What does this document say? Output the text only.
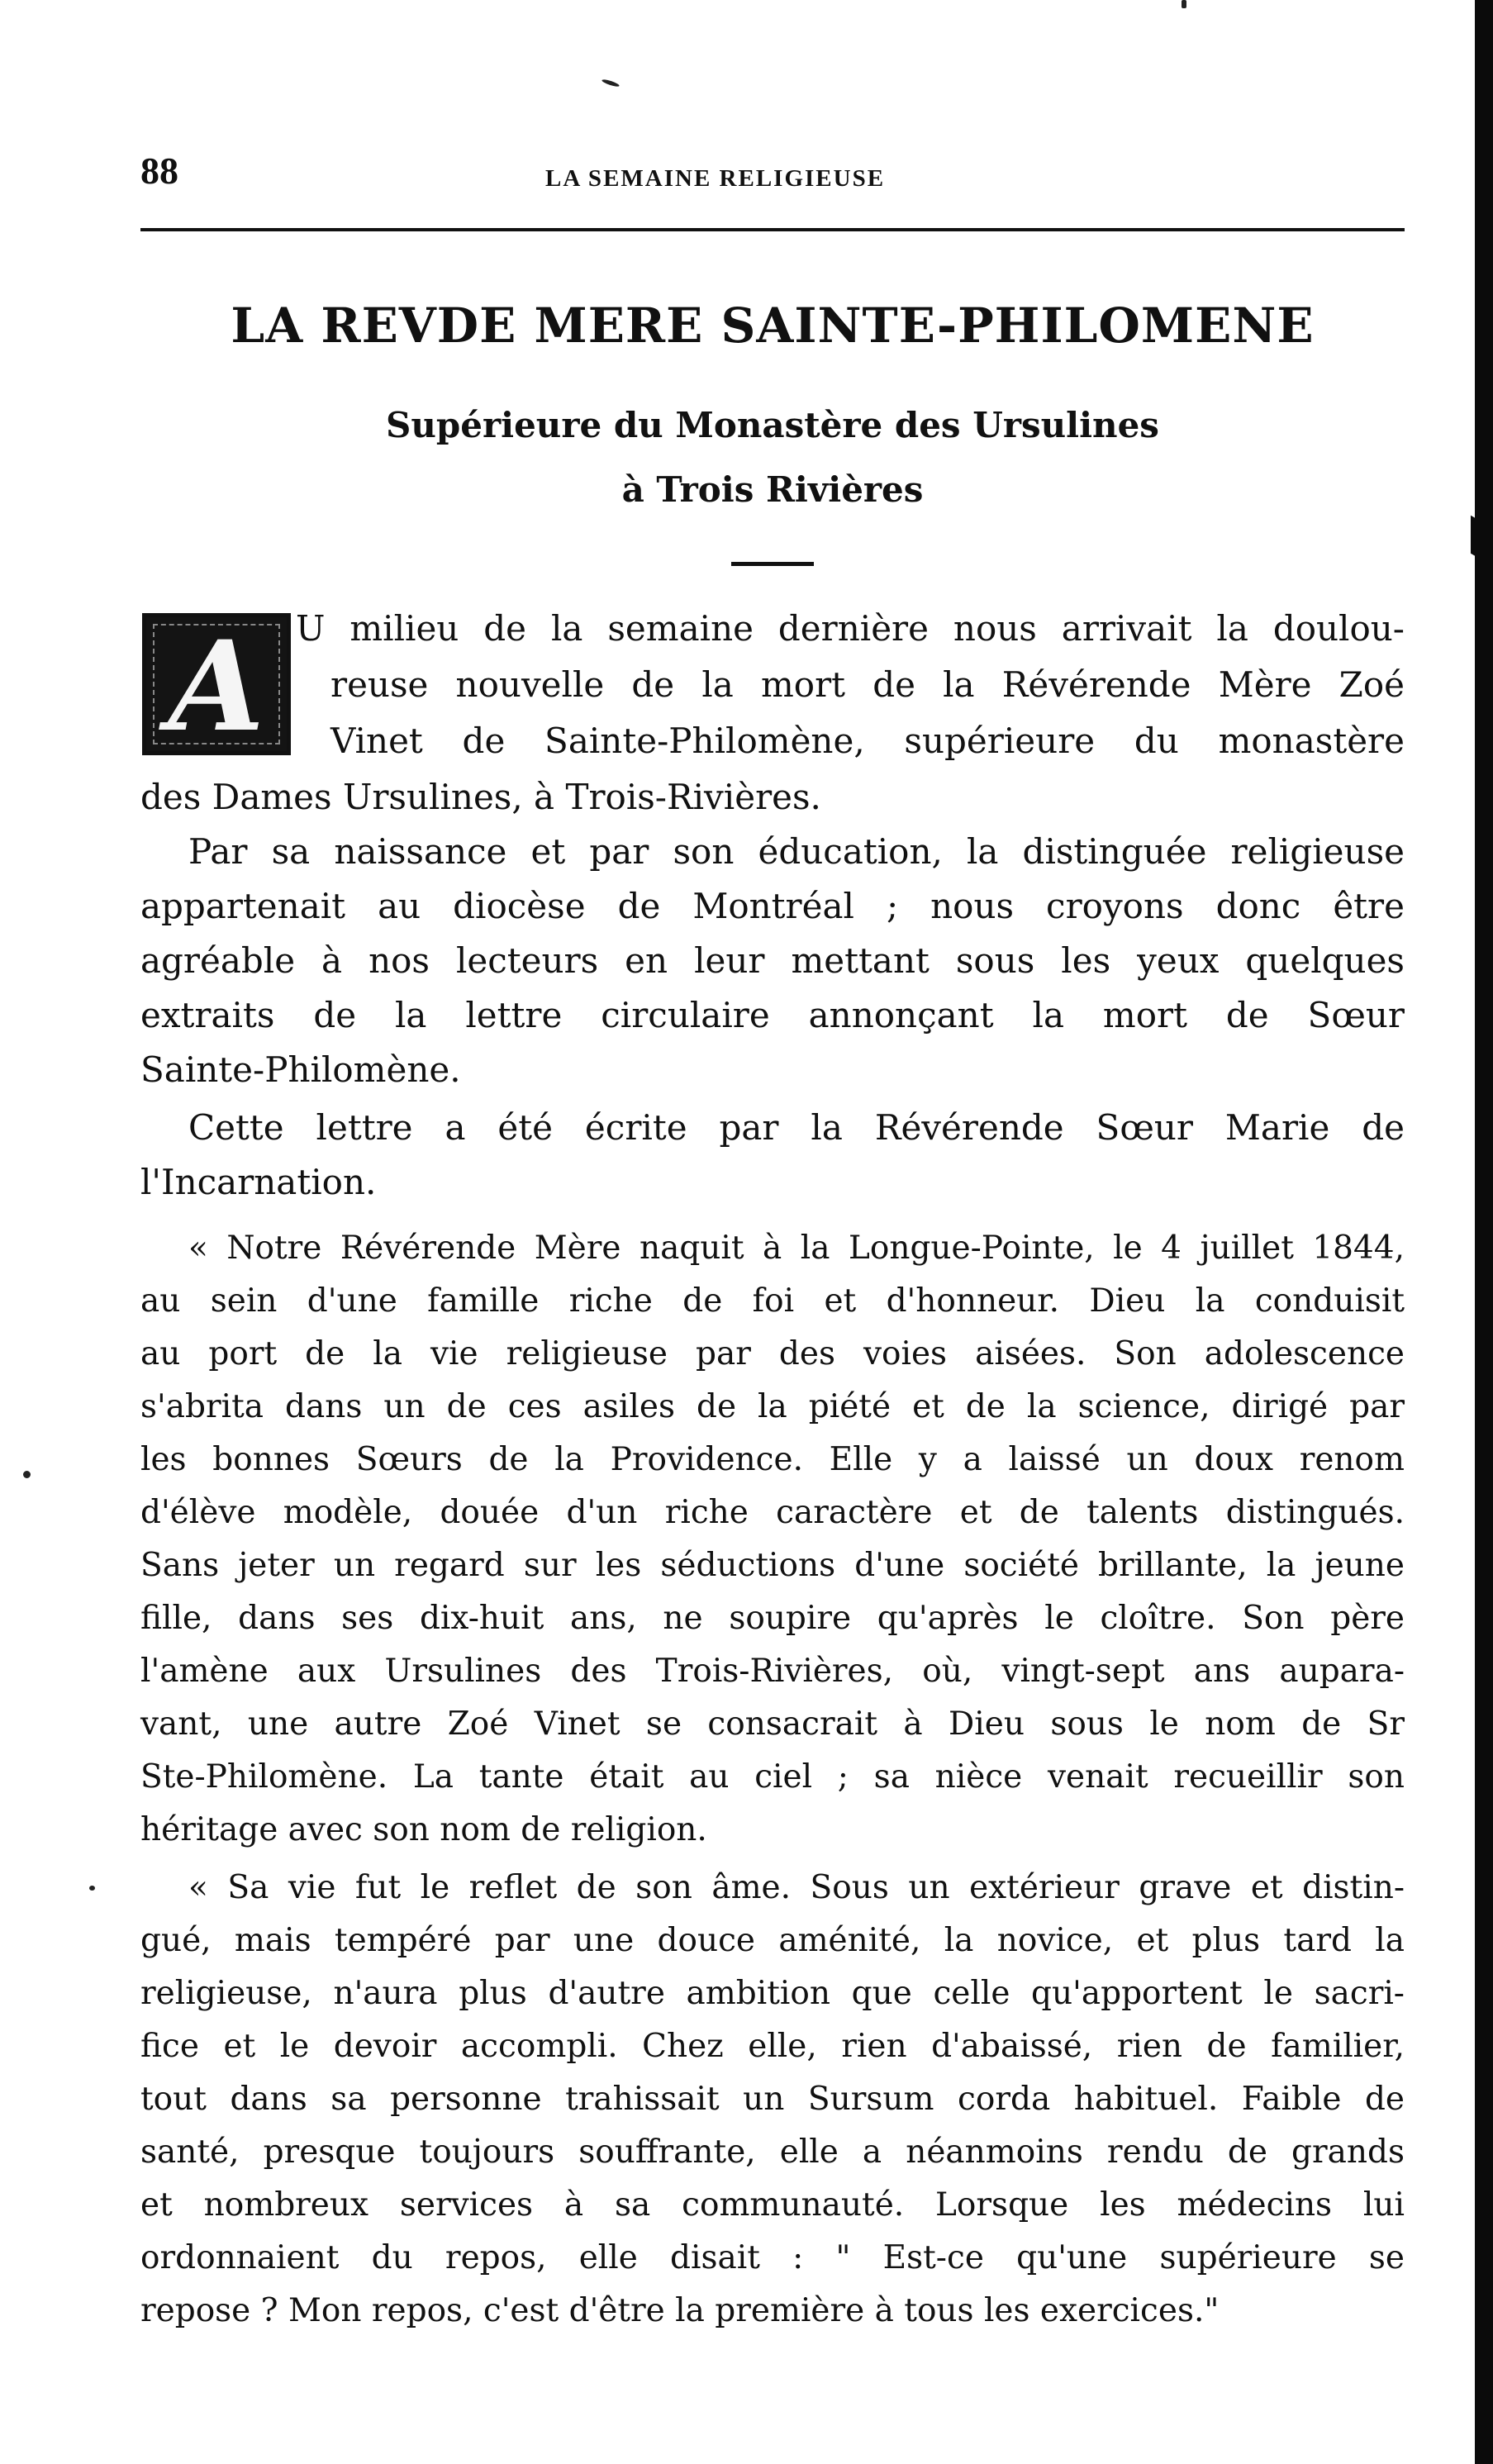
88	LA SEMAINE RELIGIEUSE
LA REVDE MERE SAINTE-PHILOMENE
Supérieure du Monastère des Ursulines
à Trois Rivières
A U milieu de la semaine dernière nous arrivait la doulou-
reuse nouvelle de la mort de la Révérende Mère Zoé
Vinet de Sainte-Philomène, supérieure du monastère
des Dames Ursulines, à Trois-Rivières.
Par sa naissance et par son éducation, la distinguée religieuse
appartenait au diocèse de Montréal ; nous croyons donc être
agréable à nos lecteurs en leur mettant sous les yeux quelques
extraits de la lettre circulaire annonçant la mort de Sœur
Sainte-Philomène.
Cette lettre a été écrite par la Révérende Sœur Marie de
l'Incarnation.
« Notre Révérende Mère naquit à la Longue-Pointe, le 4 juillet 1844,
au sein d'une famille riche de foi et d'honneur. Dieu la conduisit
au port de la vie religieuse par des voies aisées. Son adolescence
s'abrita dans un de ces asiles de la piété et de la science, dirigé par
les bonnes Sœurs de la Providence. Elle y a laissé un doux renom
d'élève modèle, douée d'un riche caractère et de talents distingués.
Sans jeter un regard sur les séductions d'une société brillante, la jeune
fille, dans ses dix-huit ans, ne soupire qu'après le cloître. Son père
l'amène aux Ursulines des Trois-Rivières, où, vingt-sept ans aupara-
vant, une autre Zoé Vinet se consacrait à Dieu sous le nom de Sr
Ste-Philomène. La tante était au ciel ; sa nièce venait recueillir son
héritage avec son nom de religion.
« Sa vie fut le reflet de son âme. Sous un extérieur grave et distin-
gué, mais tempéré par une douce aménité, la novice, et plus tard la
religieuse, n'aura plus d'autre ambition que celle qu'apportent le sacri-
fice et le devoir accompli. Chez elle, rien d'abaissé, rien de familier,
tout dans sa personne trahissait un Sursum corda habituel. Faible de
santé, presque toujours souffrante, elle a néanmoins rendu de grands
et nombreux services à sa communauté. Lorsque les médecins lui
ordonnaient du repos, elle disait : " Est-ce qu'une supérieure se
repose ? Mon repos, c'est d'être la première à tous les exercices."
